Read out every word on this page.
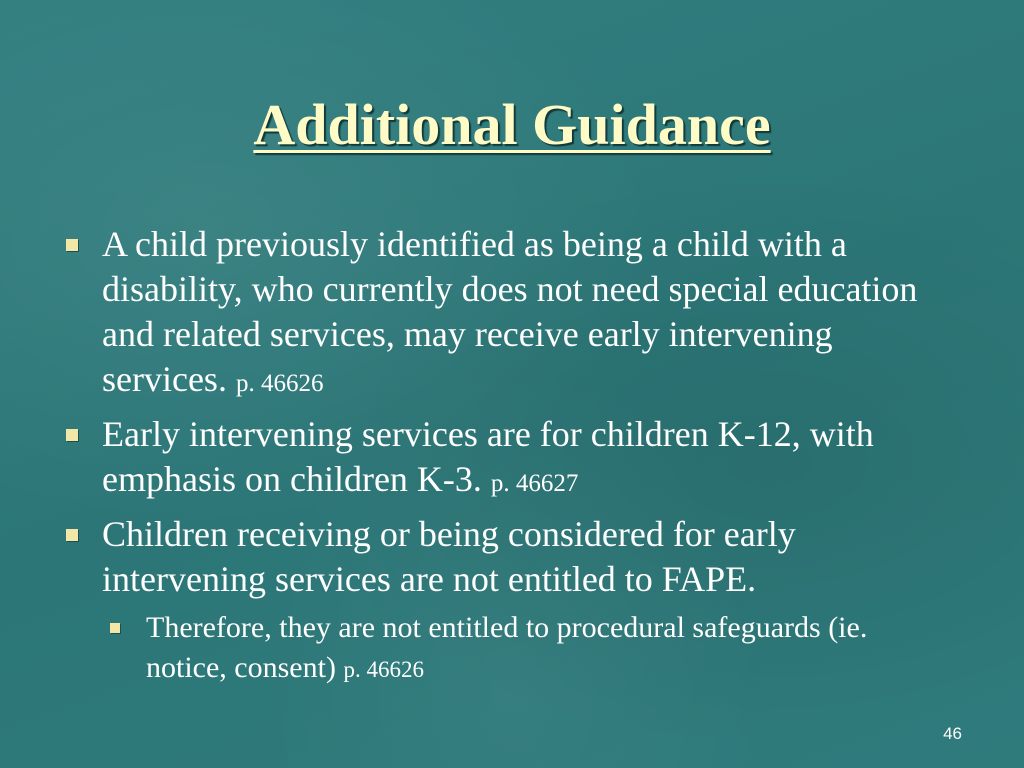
Additional Guidance
A child previously identified as being a child with a disability, who currently does not need special education and related services, may receive early intervening services. p. 46626
Early intervening services are for children K-12, with emphasis on children K-3. p. 46627
Children receiving or being considered for early intervening services are not entitled to FAPE.
Therefore, they are not entitled to procedural safeguards (ie. notice, consent) p. 46626
46
